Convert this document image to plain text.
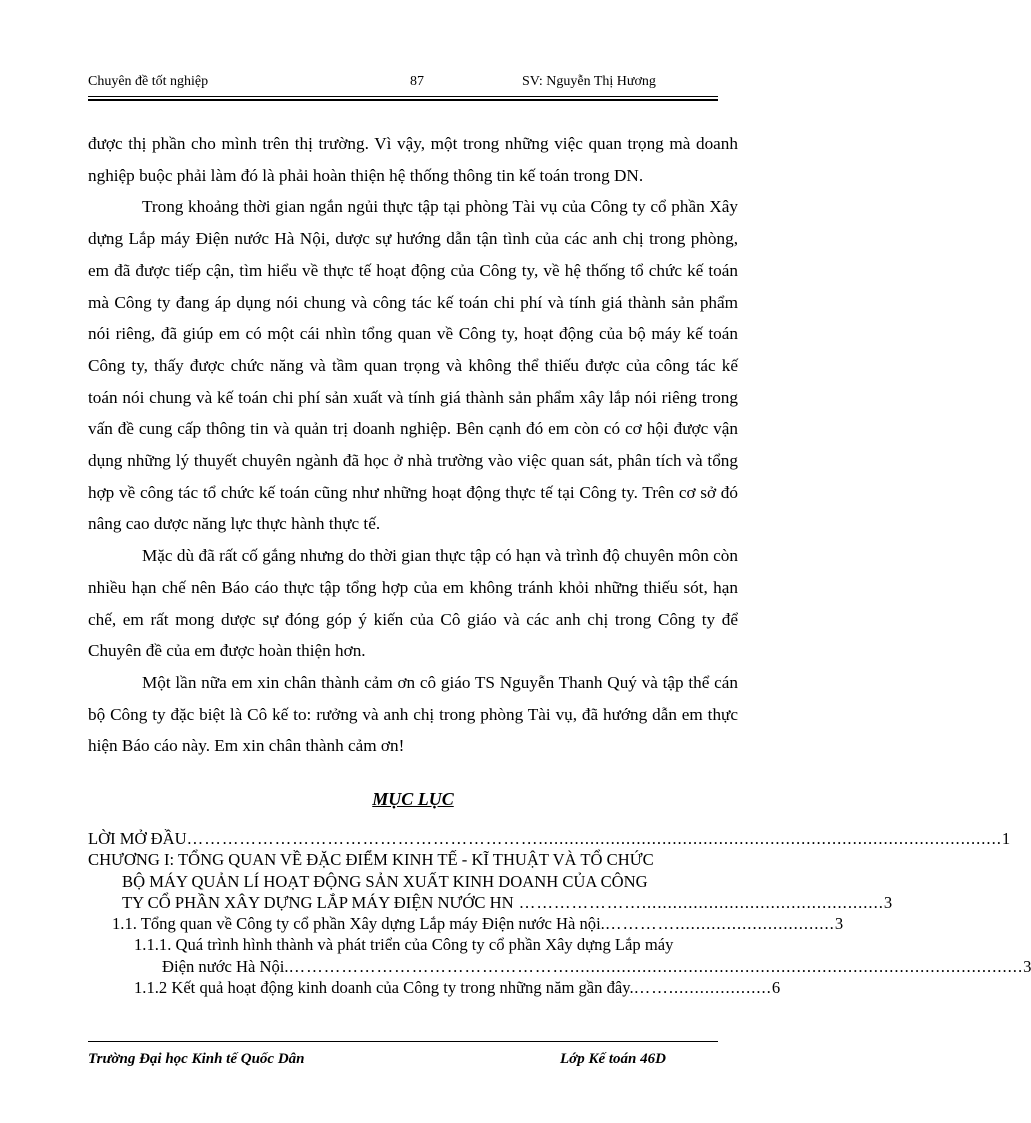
Chuyên đề tốt nghiệp	87	SV: Nguyễn Thị Hương

được thị phần cho mình trên thị trường. Vì vậy, một trong những việc quan trọng mà doanh nghiệp buộc phải làm đó là phải hoàn thiện hệ thống thông tin kế toán trong DN.

Trong khoảng thời gian ngắn ngủi thực tập tại phòng Tài vụ của Công ty cổ phần Xây dựng Lắp máy Điện nước Hà Nội, dược sự hướng dẫn tận tình của các anh chị trong phòng, em đã được tiếp cận, tìm hiểu về thực tế hoạt động của Công ty, về hệ thống tổ chức kế toán mà Công ty đang áp dụng nói chung và công tác kế toán chi phí và tính giá thành sản phẩm nói riêng, đã giúp em có một cái nhìn tổng quan về Công ty, hoạt động của bộ máy kế toán Công ty, thấy được chức năng và tầm quan trọng và không thể thiếu được của công tác kế toán nói chung và kế toán chi phí sản xuất và tính giá thành sản phẩm xây lắp nói riêng trong vấn đề cung cấp thông tin và quản trị doanh nghiệp. Bên cạnh đó em còn có cơ hội được vận dụng những lý thuyết chuyên ngành đã học ở nhà trường vào việc quan sát, phân tích và tổng hợp về công tác tổ chức kế toán cũng như những hoạt động thực tế tại Công ty. Trên cơ sở đó nâng cao dược năng lực thực hành thực tế.

Mặc dù đã rất cố gắng nhưng do thời gian thực tập có hạn và trình độ chuyên môn còn nhiều hạn chế nên Báo cáo thực tập tổng hợp của em không tránh khỏi những thiếu sót, hạn chế, em rất mong dược sự đóng góp ý kiến của Cô giáo và các anh chị trong Công ty để Chuyên đề của em được hoàn thiện hơn.

Một lần nữa em xin chân thành cảm ơn cô giáo TS Nguyễn Thanh Quý và tập thể cán bộ Công ty đặc biệt là Cô kế to: rưởng và anh chị trong phòng Tài vụ, đã hướng dẫn em thực hiện Báo cáo này. Em xin chân thành cảm ơn!

MỤC LỤC
LỜI MỞ ĐẦU …………………………………………………….......................................................................................... 1
CHƯƠNG I: TỔNG QUAN VỀ ĐẶC ĐIỂM KINH TẾ - KĨ THUẬT VÀ TỔ CHỨC
BỘ MÁY QUẢN LÍ HOẠT ĐỘNG SẢN XUẤT KINH DOANH CỦA CÔNG
TY CỔ PHẦN XÂY DỰNG LẮP MÁY ĐIỆN NƯỚC HN …………………............................................... 3
1.1. Tổng quan về Công ty cổ phần Xây dựng Lắp máy Điện nước Hà nội. …………............................... 3
1.1.1. Quá trình hình thành và phát triển của Công ty cổ phần Xây dựng Lắp máy
Điện nước Hà Nội. …………………………………………........................................................................................ 3
1.1.2 Kết quả hoạt động kinh doanh của Công ty trong những năm gần đây. …….................... 6
Trường Đại học Kinh tế Quốc Dân	Lớp Kế toán 46D
